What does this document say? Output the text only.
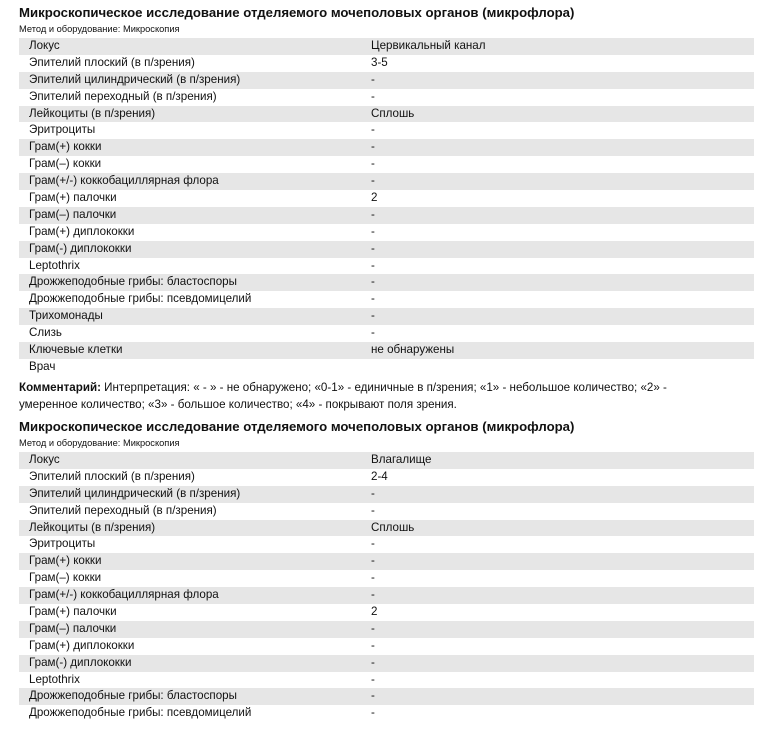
Микроскопическое исследование отделяемого мочеполовых органов (микрофлора)
Метод и оборудование: Микроскопия
Локус	Цервикальный канал
Эпителий плоский (в п/зрения)	3-5
Эпителий цилиндрический (в п/зрения)	-
Эпителий переходный (в п/зрения)	-
Лейкоциты (в п/зрения)	Сплошь
Эритроциты	-
Грам(+) кокки	-
Грам(–) кокки	-
Грам(+/-) коккобациллярная флора	-
Грам(+) палочки	2
Грам(–) палочки	-
Грам(+) диплококки	-
Грам(-) диплококки	-
Leptothrix	-
Дрожжеподобные грибы: бластоспоры	-
Дрожжеподобные грибы: псевдомицелий	-
Трихомонады	-
Слизь	-
Ключевые клетки	не обнаружены
Врач
Комментарий: Интерпретация: « - » - не обнаружено; «0-1» - единичные в п/зрения; «1» - небольшое количество; «2» - умеренное количество; «3» - большое количество; «4» - покрывают поля зрения.
Микроскопическое исследование отделяемого мочеполовых органов (микрофлора)
Метод и оборудование: Микроскопия
Локус	Влагалище
Эпителий плоский (в п/зрения)	2-4
Эпителий цилиндрический (в п/зрения)	-
Эпителий переходный (в п/зрения)	-
Лейкоциты (в п/зрения)	Сплошь
Эритроциты	-
Грам(+) кокки	-
Грам(–) кокки	-
Грам(+/-) коккобациллярная флора	-
Грам(+) палочки	2
Грам(–) палочки	-
Грам(+) диплококки	-
Грам(-) диплококки	-
Leptothrix	-
Дрожжеподобные грибы: бластоспоры	-
Дрожжеподобные грибы: псевдомицелий	-
